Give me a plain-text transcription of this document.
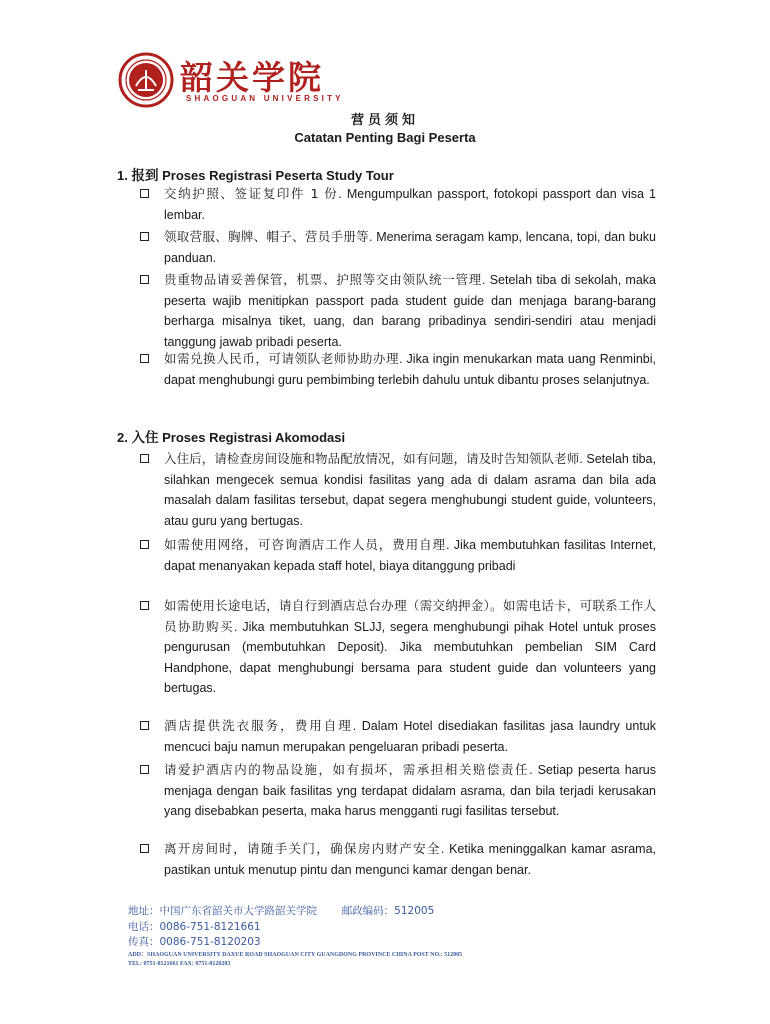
韶关学院
SHAOGUAN UNIVERSITY
营员须知
Catatan Penting Bagi Peserta
1. 报到 Proses Registrasi Peserta Study Tour
交纳护照、签证复印件 1 份. Mengumpulkan passport, fotokopi passport dan visa 1 lembar.
领取营服、胸牌、帽子、营员手册等. Menerima seragam kamp, lencana, topi, dan buku panduan.
贵重物品请妥善保管，机票、护照等交由领队统一管理. Setelah tiba di sekolah, maka peserta wajib menitipkan passport pada student guide dan menjaga barang-barang berharga misalnya tiket, uang, dan barang pribadinya sendiri-sendiri atau menjadi tanggung jawab pribadi peserta.
如需兑换人民币，可请领队老师协助办理. Jika ingin menukarkan mata uang Renminbi, dapat menghubungi guru pembimbing terlebih dahulu untuk dibantu proses selanjutnya.
2. 入住 Proses Registrasi Akomodasi
入住后，请检查房间设施和物品配放情况，如有问题，请及时告知领队老师. Setelah tiba, silahkan mengecek semua kondisi fasilitas yang ada di dalam asrama dan bila ada masalah dalam fasilitas tersebut, dapat segera menghubungi student guide, volunteers, atau guru yang bertugas.
如需使用网络，可咨询酒店工作人员，费用自理. Jika membutuhkan fasilitas Internet, dapat menanyakan kepada staff hotel, biaya ditanggung pribadi
如需使用长途电话，请自行到酒店总台办理（需交纳押金）。如需电话卡，可联系工作人员协助购买. Jika membutuhkan SLJJ, segera menghubungi pihak Hotel untuk proses pengurusan (membutuhkan Deposit). Jika membutuhkan pembelian SIM Card Handphone, dapat menghubungi bersama para student guide dan volunteers yang bertugas.
酒店提供洗衣服务，费用自理. Dalam Hotel disediakan fasilitas jasa laundry untuk mencuci baju namun merupakan pengeluaran pribadi peserta.
请爱护酒店内的物品设施，如有损坏，需承担相关赔偿责任. Setiap peserta harus menjaga dengan baik fasilitas yng terdapat didalam asrama, dan bila terjadi kerusakan yang disebabkan peserta, maka harus mengganti rugi fasilitas tersebut.
离开房间时，请随手关门，确保房内财产安全. Ketika meninggalkan kamar asrama, pastikan untuk menutup pintu dan mengunci kamar dengan benar.
地址：中国广东省韶关市大学路韶关学院 邮政编码：512005
电话：0086-751-8121661
传真：0086-751-8120203
ADD：SHAOGUAN UNIVERSITY DAXUE ROAD SHAOGUAN CITY GUANGDONG PROVINCE CHINA POST NO.: 512005
TEL: 0751-8121661 FAX: 0751-8120203
